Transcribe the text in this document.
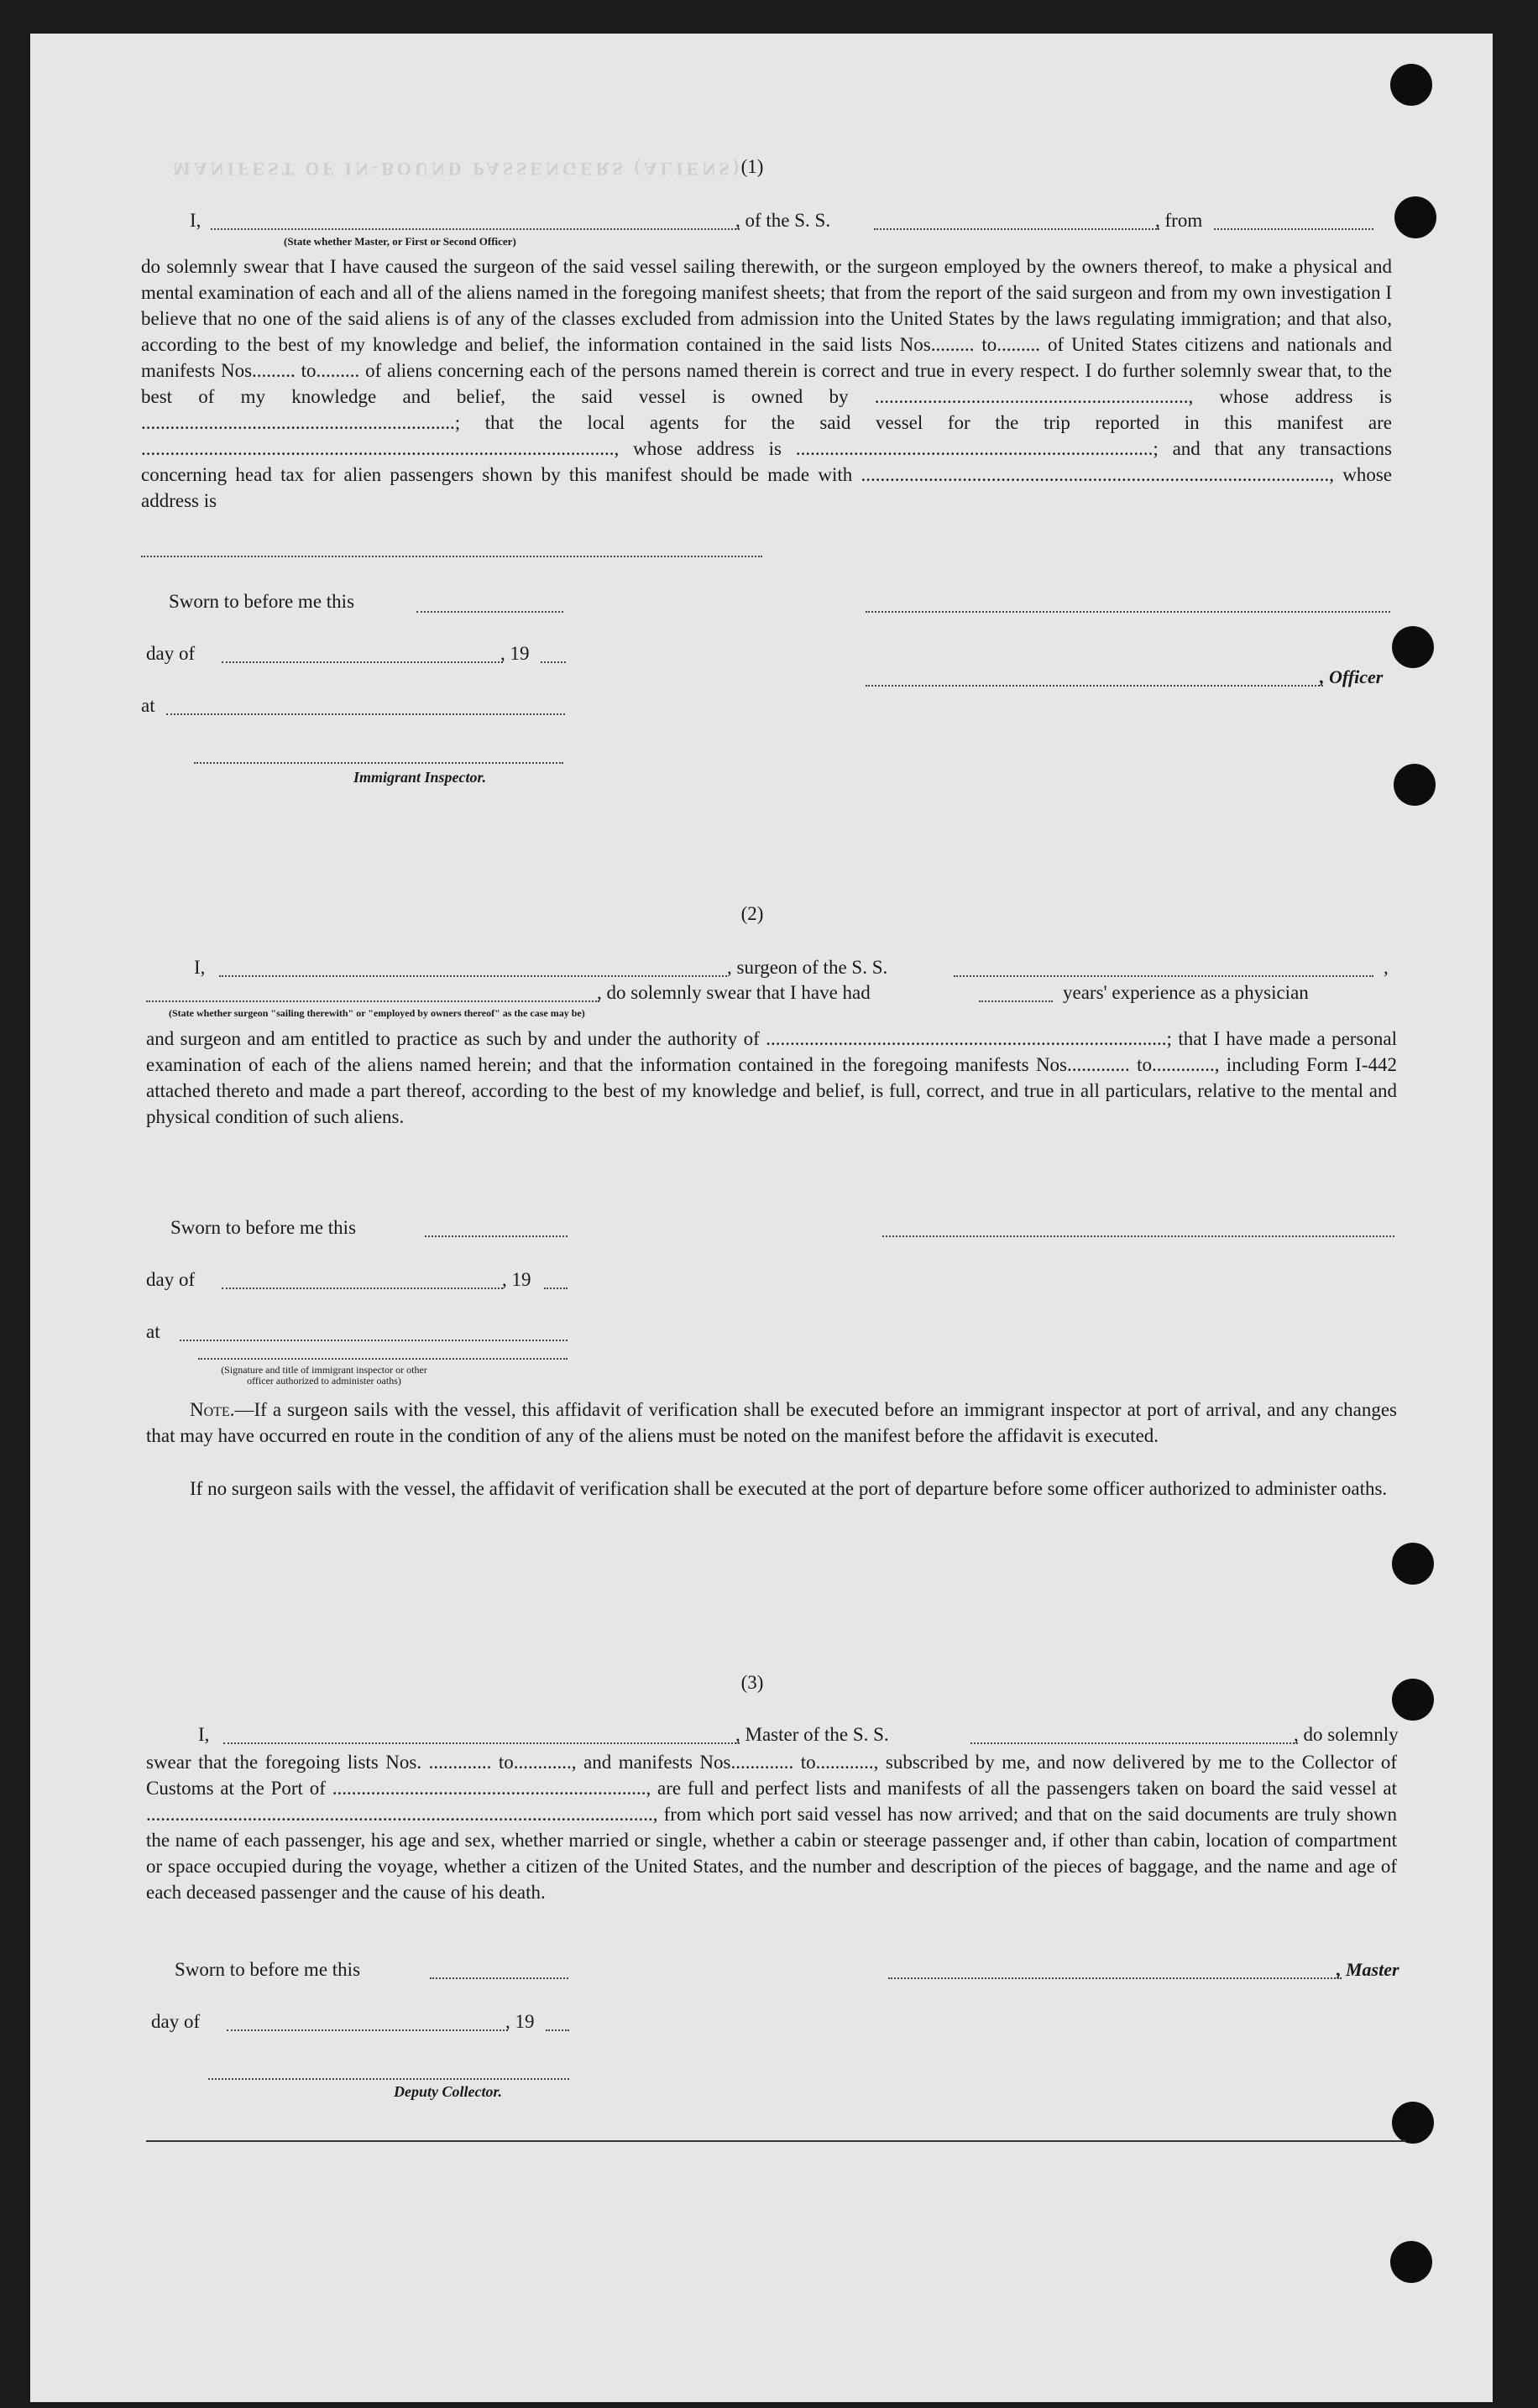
MANIFEST OF IN-BOUND PASSENGERS (ALIENS)
(1)
I,	, of the S. S.	, from
(State whether Master, or First or Second Officer)
do solemnly swear that I have caused the surgeon of the said vessel sailing therewith, or the surgeon employed by the owners thereof, to make a physical and mental examination of each and all of the aliens named in the foregoing manifest sheets; that from the report of the said surgeon and from my own investigation I believe that no one of the said aliens is of any of the classes excluded from admission into the United States by the laws regulating immigration; and that also, according to the best of my knowledge and belief, the information contained in the said lists Nos......... to......... of United States citizens and nationals and manifests Nos......... to......... of aliens concerning each of the persons named therein is correct and true in every respect. I do further solemnly swear that, to the best of my knowledge and belief, the said vessel is owned by ................................................................., whose address is .................................................................; that the local agents for the said vessel for the trip reported in this manifest are .................................................................................................., whose address is ..........................................................................; and that any transactions concerning head tax for alien passengers shown by this manifest should be made with ................................................................................................., whose address is
Sworn to before me this
day of	, 19
, Officer
at
Immigrant Inspector.
(2)
I,	, surgeon of the S. S.	,
, do solemnly swear that I have had	years' experience as a physician
(State whether surgeon "sailing therewith" or "employed by owners thereof" as the case may be)
and surgeon and am entitled to practice as such by and under the authority of ...................................................................................; that I have made a personal examination of each of the aliens named herein; and that the information contained in the foregoing manifests Nos............. to............., including Form I-442 attached thereto and made a part thereof, according to the best of my knowledge and belief, is full, correct, and true in all particulars, relative to the mental and physical condition of such aliens.
Sworn to before me this
day of	, 19
at
(Signature and title of immigrant inspector or other officer authorized to administer oaths)
Note.—If a surgeon sails with the vessel, this affidavit of verification shall be executed before an immigrant inspector at port of arrival, and any changes that may have occurred en route in the condition of any of the aliens must be noted on the manifest before the affidavit is executed.
If no surgeon sails with the vessel, the affidavit of verification shall be executed at the port of departure before some officer authorized to administer oaths.
(3)
I,	, Master of the S. S.	, do solemnly
swear that the foregoing lists Nos. ............. to............, and manifests Nos............. to............, subscribed by me, and now delivered by me to the Collector of Customs at the Port of ................................................................., are full and perfect lists and manifests of all the passengers taken on board the said vessel at ........................................................................................................., from which port said vessel has now arrived; and that on the said documents are truly shown the name of each passenger, his age and sex, whether married or single, whether a cabin or steerage passenger and, if other than cabin, location of compartment or space occupied during the voyage, whether a citizen of the United States, and the number and description of the pieces of baggage, and the name and age of each deceased passenger and the cause of his death.
Sworn to before me this	, Master
day of	, 19
Deputy Collector.
